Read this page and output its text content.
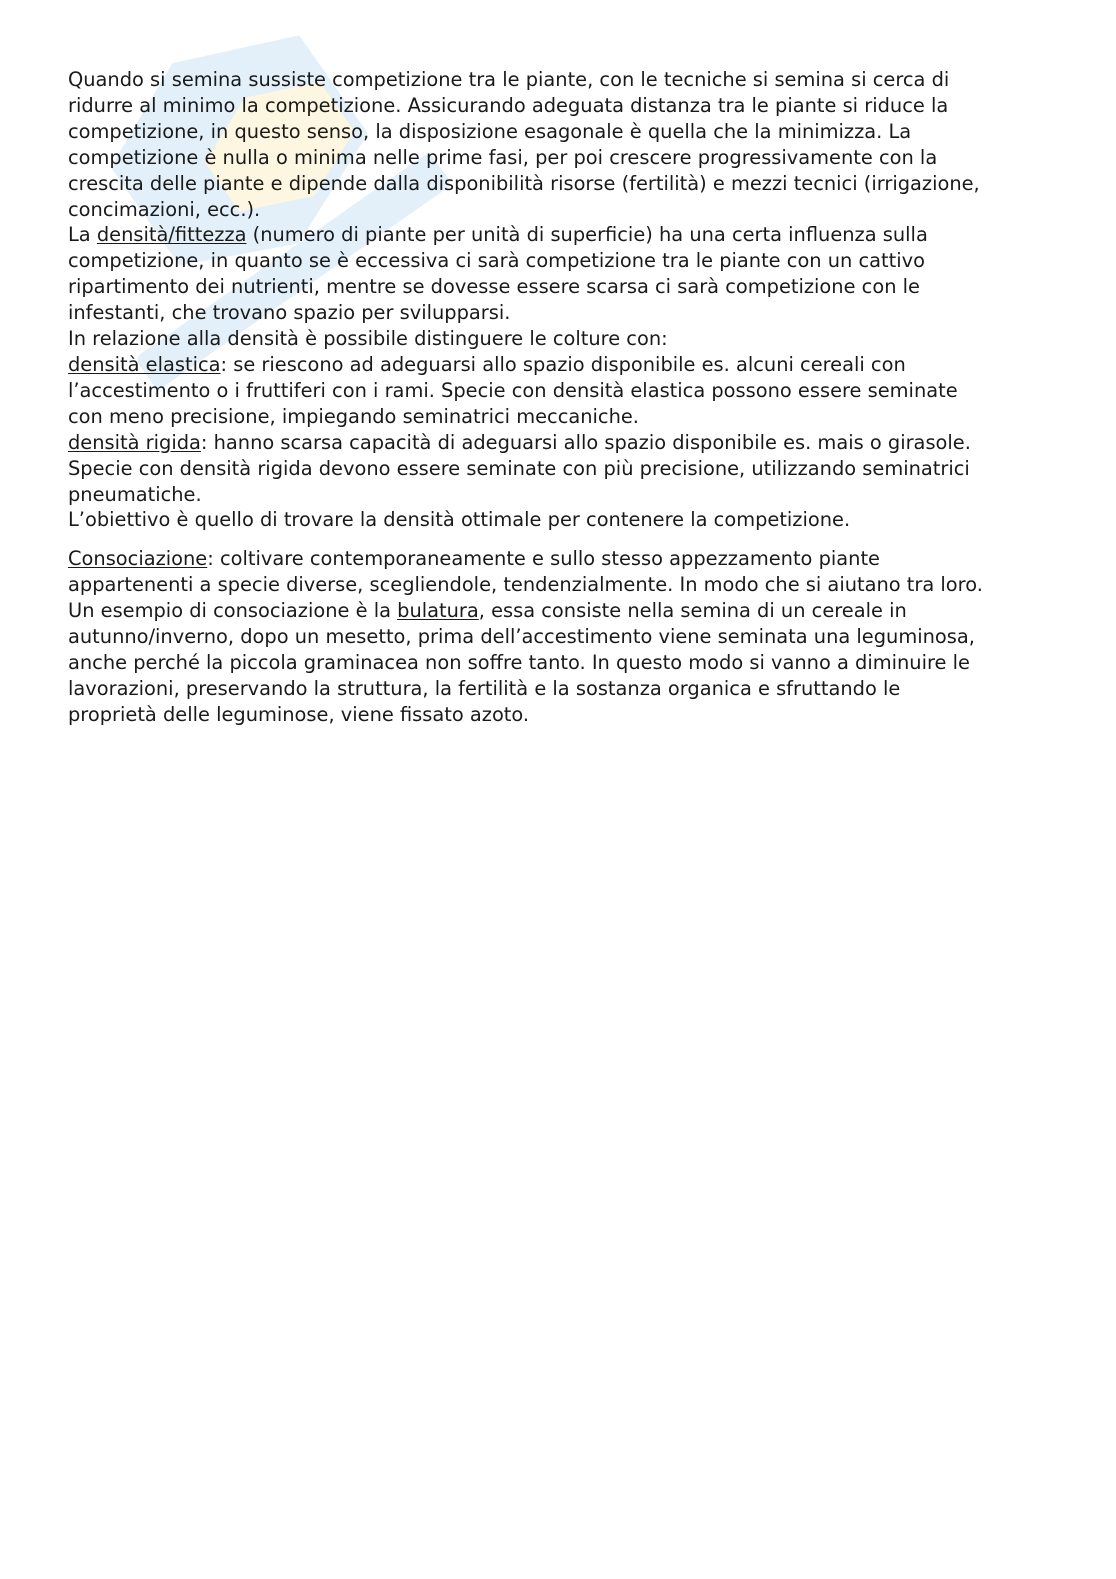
Quando si semina sussiste competizione tra le piante, con le tecniche si semina si cerca di

ridurre al minimo la competizione. Assicurando adeguata distanza tra le piante si riduce la

competizione, in questo senso, la disposizione esagonale è quella che la minimizza. La

competizione è nulla o minima nelle prime fasi, per poi crescere progressivamente con la

crescita delle piante e dipende dalla disponibilità risorse (fertilità) e mezzi tecnici (irrigazione,

concimazioni, ecc.).

La densità/fittezza (numero di piante per unità di superficie) ha una certa influenza sulla

competizione, in quanto se è eccessiva ci sarà competizione tra le piante con un cattivo

ripartimento dei nutrienti, mentre se dovesse essere scarsa ci sarà competizione con le

infestanti, che trovano spazio per svilupparsi.

In relazione alla densità è possibile distinguere le colture con:

densità elastica: se riescono ad adeguarsi allo spazio disponibile es. alcuni cereali con

l’accestimento o i fruttiferi con i rami. Specie con densità elastica possono essere seminate

con meno precisione, impiegando seminatrici meccaniche.

densità rigida: hanno scarsa capacità di adeguarsi allo spazio disponibile es. mais o girasole.

Specie con densità rigida devono essere seminate con più precisione, utilizzando seminatrici

pneumatiche.

L’obiettivo è quello di trovare la densità ottimale per contenere la competizione.

Consociazione: coltivare contemporaneamente e sullo stesso appezzamento piante

appartenenti a specie diverse, scegliendole, tendenzialmente. In modo che si aiutano tra loro.

Un esempio di consociazione è la bulatura, essa consiste nella semina di un cereale in

autunno/inverno, dopo un mesetto, prima dell’accestimento viene seminata una leguminosa,

anche perché la piccola graminacea non soffre tanto. In questo modo si vanno a diminuire le

lavorazioni, preservando la struttura, la fertilità e la sostanza organica e sfruttando le

proprietà delle leguminose, viene fissato azoto.
